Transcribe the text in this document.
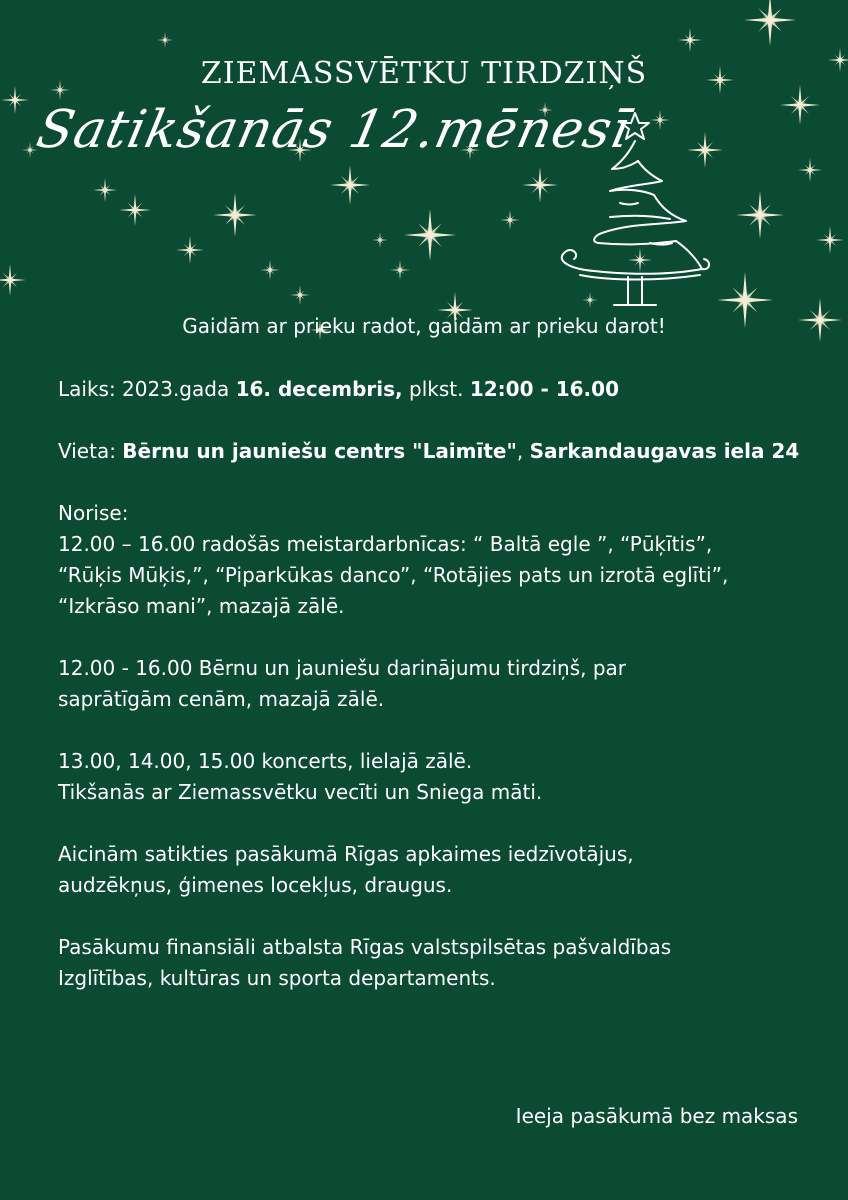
ZIEMASSVĒTKU TIRDZIŅŠ
Satikšanās 12.mēnesī
Gaidām ar prieku radot, gaidām ar prieku darot!

Laiks: 2023.gada 16. decembris, plkst. 12:00 - 16.00

Vieta: Bērnu un jauniešu centrs "Laimīte", Sarkandaugavas iela 24

Norise:
12.00 – 16.00 radošās meistardarbnīcas: “ Baltā egle ”, “Pūķītis”,
“Rūķis Mūķis,”, “Piparkūkas danco”, “Rotājies pats un izrotā eglīti”,
“Izkrāso mani”, mazajā zālē.

12.00 - 16.00 Bērnu un jauniešu darinājumu tirdziņš, par
saprātīgām cenām, mazajā zālē.

13.00, 14.00, 15.00 koncerts, lielajā zālē.
Tikšanās ar Ziemassvētku vecīti un Sniega māti.

Aicinām satikties pasākumā Rīgas apkaimes iedzīvotājus,
audzēkņus, ģimenes locekļus, draugus.

Pasākumu finansiāli atbalsta Rīgas valstspilsētas pašvaldības
Izglītības, kultūras un sporta departaments.

Ieeja pasākumā bez maksas
